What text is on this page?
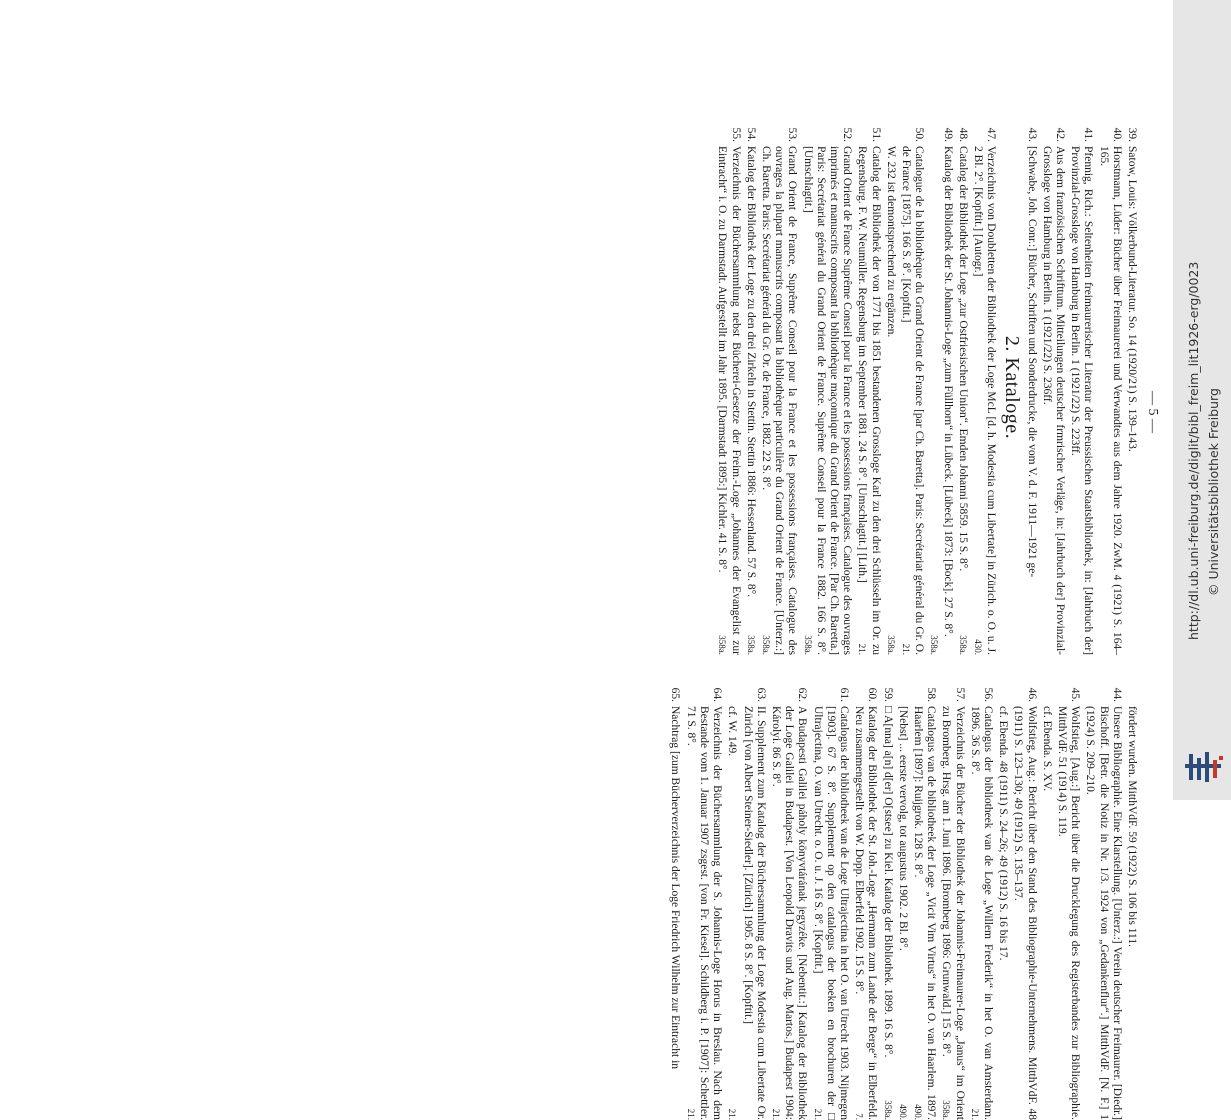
— 5 —
39.
Satow, Louis: Völkerbund-Literatur. So. 14 (1920/21) S. 139–143.
40.
Horstmann, Lüder: Bücher über Freimaurerei und Verwandtes aus dem Jahre 1920. ZwM. 4 (1921) S. 164–165.
41.
Pfennig, Rich.: Seltenheiten freimaurerischer Literatur der Preussischen Staatsbibliothek, in: [Jahrbuch der] Provinzial-Grossloge von Hamburg in Berlin. 1 (1921/22) S. 223ff.
42.
Aus dem französischen Schrifttum. Mitteilungen deutscher frmrischer Verläge, in: [Jahrbuch der] Provinzial-Grossloge von Hamburg in Berlin. 1 (1921/22) S. 236ff.
43.
[Schwabe, Joh. Conr.:] Bücher, Schriften und Sonderdrucke, die vom V. d. F. 1911—1921 ge-
2. Kataloge.
47.
Verzeichnis von Doubletten der Bibliothek der Loge McL [d. h. Modestia cum Libertate] in Zürich. o. O. u. J. 2 Bl. 2°. [Kopftit.] [Autogr.]
430.
48.
Catalog der Bibliothek der Loge „zur Ostfriesischen Union“. Emden Johanni 5859. 15 S. 8°.
358a.
49.
Katalog der Bibliothek der St. Johannis-Loge „zum Füllhorn“ in Lübeck. [Lübeck] 1873: [Bock]. 27 S. 8°.
358a.
50.
Catalogue de la bibliothèque du Grand Orient de France [par Ch. Baretta]. Paris: Secrétariat général du Gr. O. de France [1875]. 166 S. 8°. [Kopftit.]
21.
W. 232 ist demontsprechend zu ergänzen.
358a.
51.
Catalog der Bibliothek der von 1771 bis 1851 bestandenen Grossloge Karl zu den drei Schlüsseln im Or. zu Regensburg. F. W. Neumüller. Regensburg im September 1881. 24 S. 8°. [Umschlagtit.] [Lith.]
21.
52.
Grand Orient de France Suprême Conseil pour la France et les possessions françaises. Catalogue des ouvrages imprimés et manuscrits composant la bibliothèque maçonnique du Grand Orient de France. [Par Ch. Baretta.] Paris: Secrétariat général du Grand Orient de France. Suprême Conseil pour la France 1882. 166 S. 8°. [Umschlagtit.]
358a.
53.
Grand Orient de France, Suprême Conseil pour la France et les possessions françaises. Catalogue des ouvrages la plupart manuscrits composant la bibliothèque particulière du Grand Orient de France. [Unterz.:] Ch. Baretta. Paris: Secrétariat général du Gr. Or. de France, 1882. 22 S. 8°.
358a.
54.
Katalog der Bibliothek der Loge zu den drei Zirkeln in Stettin. Stettin 1886: Hessenland. 57 S. 8°.
358a.
55.
Verzeichnis der Büchersammlung nebst Bücherei-Gesetze der Freim.-Loge „Johannes der Evangelist zur Eintracht“ i. O. zu Darmstadt. Aufgestellt im Jahr 1895. [Darmstadt 1895:] Kichler. 41 S. 8°.
358a.
fördert wurden. MitthVdF. 59 (1922) S. 106 bis 111.
44.
Unsere Bibliographie. Eine Klarstellung. [Unterz.:] Verein deutscher Freimaurer. [Diedr.] Bischoff. [Betr. die Notiz in Nr. 1/3. 1924 von „Gedankenflur“.] MitthVdF. [N. F.] 1 (1924) S. 209–210.
45.
Wolfstieg, [Aug.:] Bericht über die Drucklegung des Registerbandes zur Bibliographie. MitthVdF. 51 (1914) S. 119.
cf. Ebenda. S. XV.
46.
Wolfstieg, Aug.: Bericht über den Stand des Bibliographie-Unternehmens. MitthVdF. 48 (1911) S. 123–130; 49 (1912) S. 135–137.
cf. Ebenda. 48 (1911) S. 24–26; 49 (1912) S. 16 bis 17.
56.
Catalogus der bibliotheek van de Loge „Willem Frederik“ in het O. van Amsterdam. 1896. 36 S. 8°.
21.
57.
Verzeichnis der Bücher der Bibliothek der Johannis-Freimaurer-Loge „Janus“ im Orient zu Bromberg. Hrsg. am 1. Juni 1896. [Bromberg 1896: Grunwald.] 15 S. 8°.
358a.
58.
Catalogus van de bibliotheek der Loge „Vicit Vim Virtus“ in het O. van Haarlem. 1897. Haarlem [1897]: Ruijgrok. 128 S. 8°.
490.
[Nebst] ... eerste vervolg, tot augustus 1902. 2 Bl. 8°.
490.
59.
□ A[nna] a[n] d[er] O[stsee] zu Kiel. Katalog der Bibliothek. 1899. 16 S. 8°.
358a.
60.
Katalog der Bibliothek der St. Joh.-Loge „Hermann zum Lande der Berge“ in Elberfeld. Neu zusammengestellt von W. Dopp. Elberfeld 1902. 15 S. 8°.
7.
61.
Catalogus der bibliotheek van de Loge Ultrajectina in het O. van Utrecht 1903. Nijmegen [1903]. 67 S. 8°. Supplement op den catalogus der boeken en brochuren der □ Ultrajectina, O. van Utrecht. o. O. u. J. 16 S. 8°. [Kopftit.]
21.
62.
A Budapesti Galilei páholy könyvtárának jegyzéke. [Nebentit.:] Katalog der Bibliothek der Loge Galilei in Budapest. [Von Leopold Dravits und Aug. Martos.] Budapest 1904: Károlyi. 86 S. 8°.
21.
63.
II. Supplement zum Katalog der Büchersammlung der Loge Modestia cum Libertate Or. Zürich [von Albert Steiner-Siedler]. [Zürich] 1905. 8 S. 8°. [Kopftit.]
cf. W. 149.
21.
64.
Verzeichnis der Büchersammlung der S. Johannis-Loge Horus in Breslau. Nach dem Bestande vom 1. Januar 1907 zsgest. [von Fr. Kiesel]. Schildberg i. P. [1907]: Schettler. 71 S. 8°.
21.
65.
Nachtrag [zum Bücherverzeichnis der Loge Friedrich Wilhelm zur Eintracht in
http://dl.ub.uni-freiburg.de/diglit/bibl_freim_lit1926-erg/0023 © Universitätsbibliothek Freiburg
